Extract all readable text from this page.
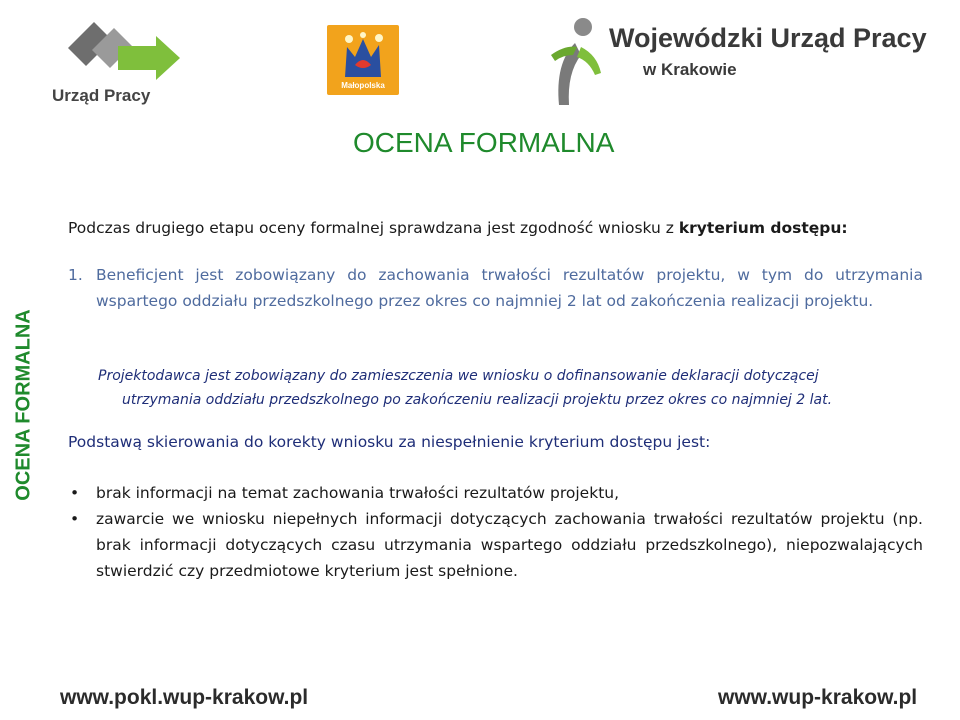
Urząd Pracy
Małopolska
Wojewódzki Urząd Pracy
w Krakowie
OCENA FORMALNA
OCENA FORMALNA
Podczas drugiego etapu oceny formalnej sprawdzana jest zgodność wniosku z kryterium dostępu:
1. Beneficjent jest zobowiązany do zachowania trwałości rezultatów projektu, w tym do utrzymania wspartego oddziału przedszkolnego przez okres co najmniej 2 lat od zakończenia realizacji projektu.
Projektodawca jest zobowiązany do zamieszczenia we wniosku o dofinansowanie deklaracji dotyczącej
utrzymania oddziału przedszkolnego po zakończeniu realizacji projektu przez okres co najmniej 2 lat.
Podstawą skierowania do korekty wniosku za niespełnienie kryterium dostępu jest:
• brak informacji na temat zachowania trwałości rezultatów projektu,
• zawarcie we wniosku niepełnych informacji dotyczących zachowania trwałości rezultatów projektu (np. brak informacji dotyczących czasu utrzymania wspartego oddziału przedszkolnego), niepozwalających stwierdzić czy przedmiotowe kryterium jest spełnione.
www.pokl.wup-krakow.pl	www.wup-krakow.pl
